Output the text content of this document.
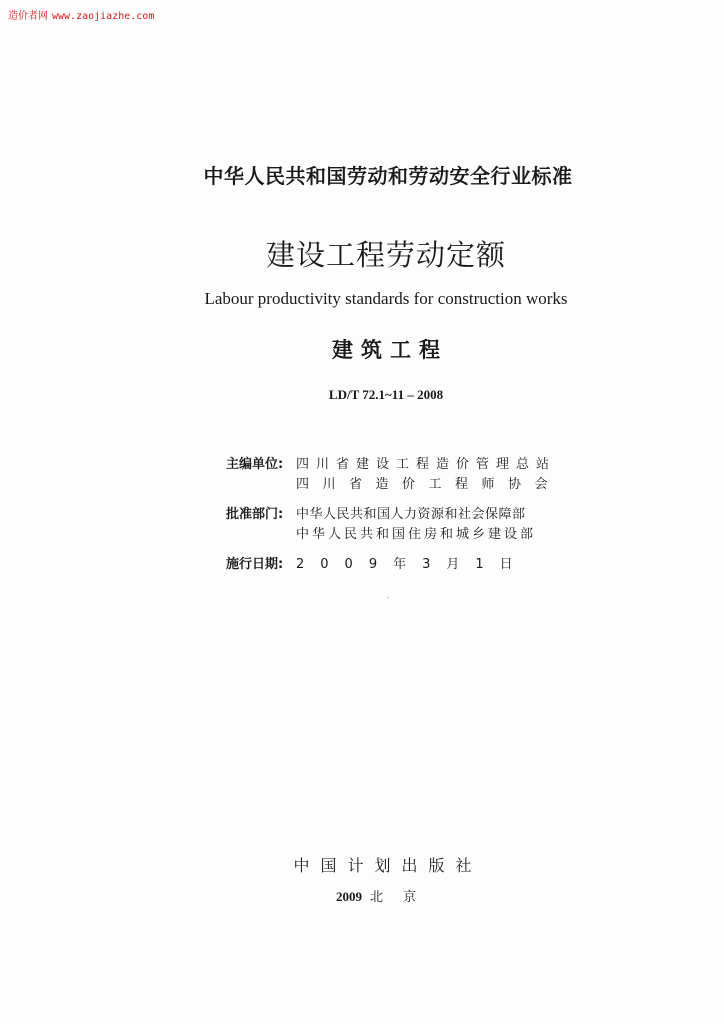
造价者网 www.zaojiazhe.com
中华人民共和国劳动和劳动安全行业标准
建设工程劳动定额
Labour productivity standards for construction works
建筑工程
LD/T 72.1~11 – 2008
主编单位: 四川省建设工程造价管理总站
四川省造价工程师协会
批准部门: 中华人民共和国人力资源和社会保障部
中华人民共和国住房和城乡建设部
施行日期: 2009年3月1日
中国计划出版社
2009 北京
